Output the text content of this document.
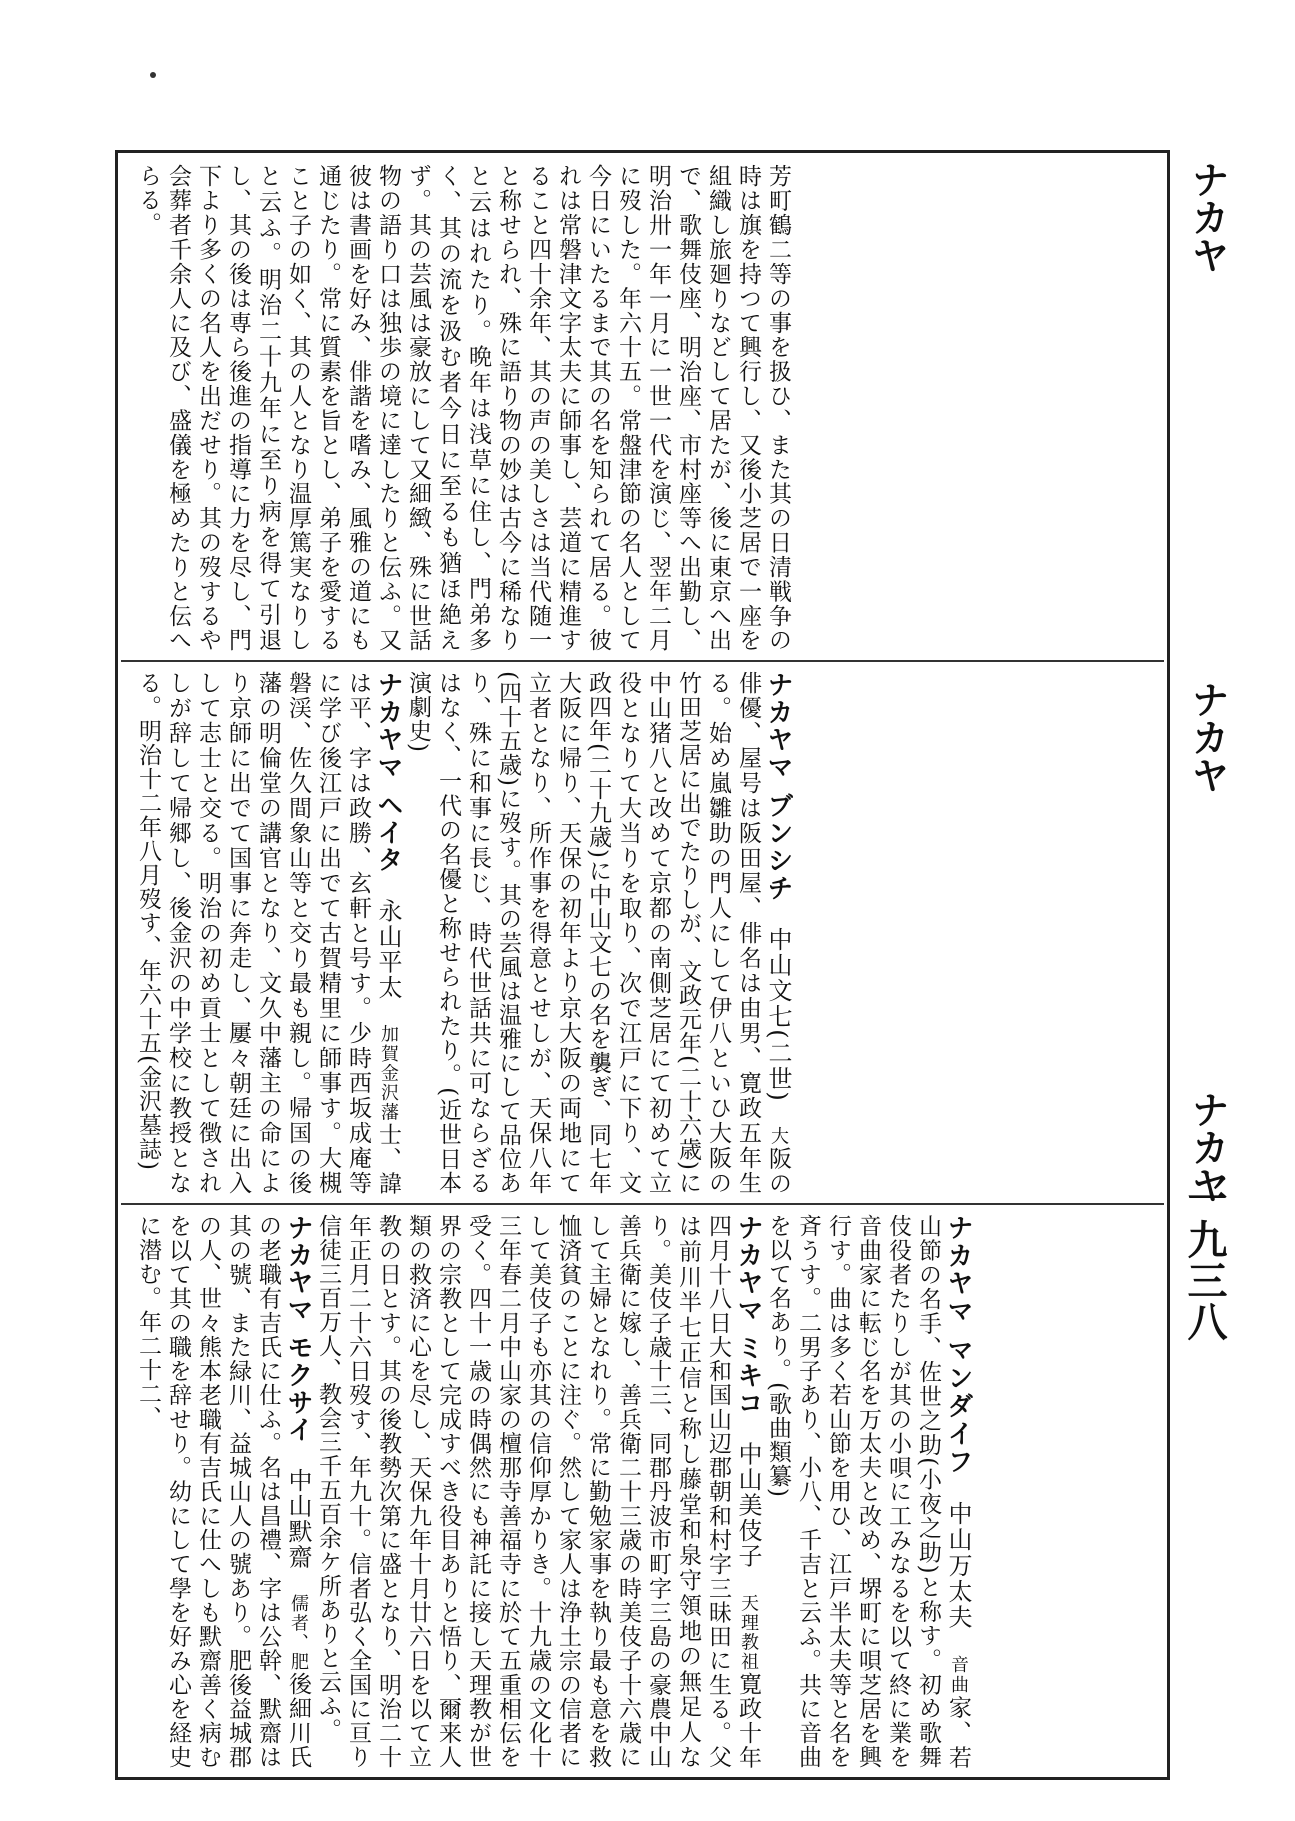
一九三八
ナカヤ
ナカヤ
ナカヤ
芳町鶴二等の事を扱ひ、また其の日清戦争の時は旗を持つて興行し、又後小芝居で一座を組織し旅廻りなどして居たが、後に東京へ出で、歌舞伎座、明治座、市村座等へ出勤し、明治卅一年一月に一世一代を演じ、翌年二月に歿した。年六十五。常盤津節の名人として今日にいたるまで其の名を知られて居る。彼れは常磐津文字太夫に師事し、芸道に精進すること四十余年、其の声の美しさは当代随一と称せられ、殊に語り物の妙は古今に稀なりと云はれたり。晩年は浅草に住し、門弟多く、其の流を汲む者今日に至るも猶ほ絶えず。其の芸風は豪放にして又細緻、殊に世話物の語り口は独歩の境に達したりと伝ふ。又彼は書画を好み、俳諧を嗜み、風雅の道にも通じたり。常に質素を旨とし、弟子を愛すること子の如く、其の人となり温厚篤実なりしと云ふ。明治二十九年に至り病を得て引退し、其の後は専ら後進の指導に力を尽し、門下より多くの名人を出だせり。其の歿するや会葬者千余人に及び、盛儀を極めたりと伝へらる。
ナカヤマ ブンシチ　中山文七(二世)　大阪の俳優、屋号は阪田屋、俳名は由男、寛政五年生る。始め嵐雛助の門人にして伊八といひ大阪の竹田芝居に出でたりしが、文政元年(二十六歳)に中山猪八と改めて京都の南側芝居にて初めて立役となりて大当りを取り、次で江戸に下り、文政四年(二十九歳)に中山文七の名を襲ぎ、同七年大阪に帰り、天保の初年より京大阪の両地にて立者となり、所作事を得意とせしが、天保八年(四十五歳)に歿す。其の芸風は温雅にして品位あり、殊に和事に長じ、時代世話共に可ならざるはなく、一代の名優と称せられたり。(近世日本演劇史)
ナカヤマ ヘイタ　永山平太　加賀金沢藩士、諱は平、字は政勝、玄軒と号す。少時西坂成庵等に学び後江戸に出でて古賀精里に師事す。大槻磐渓、佐久間象山等と交り最も親し。帰国の後藩の明倫堂の講官となり、文久中藩主の命により京師に出でて国事に奔走し、屢々朝廷に出入して志士と交る。明治の初め貢士として徴されしが辞して帰郷し、後金沢の中学校に教授となる。明治十二年八月歿す、年六十五(金沢墓誌)
ナカヤマ マンダイフ　中山万太夫　音曲家、若山節の名手、佐世之助(小夜之助)と称す。初め歌舞伎役者たりしが其の小唄に工みなるを以て終に業を音曲家に転じ名を万太夫と改め、堺町に唄芝居を興行す。曲は多く若山節を用ひ、江戸半太夫等と名を斉うす。二男子あり、小八、千吉と云ふ。共に音曲を以て名あり。(歌曲類纂)
ナカヤマ ミキコ　中山美伎子　天理教祖寛政十年四月十八日大和国山辺郡朝和村字三昧田に生る。父は前川半七正信と称し藤堂和泉守領地の無足人なり。美伎子歳十三、同郡丹波市町字三島の豪農中山善兵衛に嫁し、善兵衛二十三歳の時美伎子十六歳にして主婦となれり。常に勤勉家事を執り最も意を救恤済貧のことに注ぐ。然して家人は浄土宗の信者にして美伎子も亦其の信仰厚かりき。十九歳の文化十三年春二月中山家の檀那寺善福寺に於て五重相伝を受く。四十一歳の時偶然にも神託に接し天理教が世界の宗教として完成すべき役目ありと悟り、爾来人類の救済に心を尽し、天保九年十月廿六日を以て立教の日とす。其の後教勢次第に盛となり、明治二十年正月二十六日歿す、年九十。信者弘く全国に亘り信徒三百万人、教会三千五百余ケ所ありと云ふ。
ナカヤマ モクサイ　中山默齋　儒者、肥後細川氏の老職有吉氏に仕ふ。名は昌禮、字は公幹、默齋は其の號、また緑川、益城山人の號あり。肥後益城郡の人、世々熊本老職有吉氏に仕へしも默齋善く病むを以て其の職を辞せり。幼にして學を好み心を経史に潜む。年二十二、
